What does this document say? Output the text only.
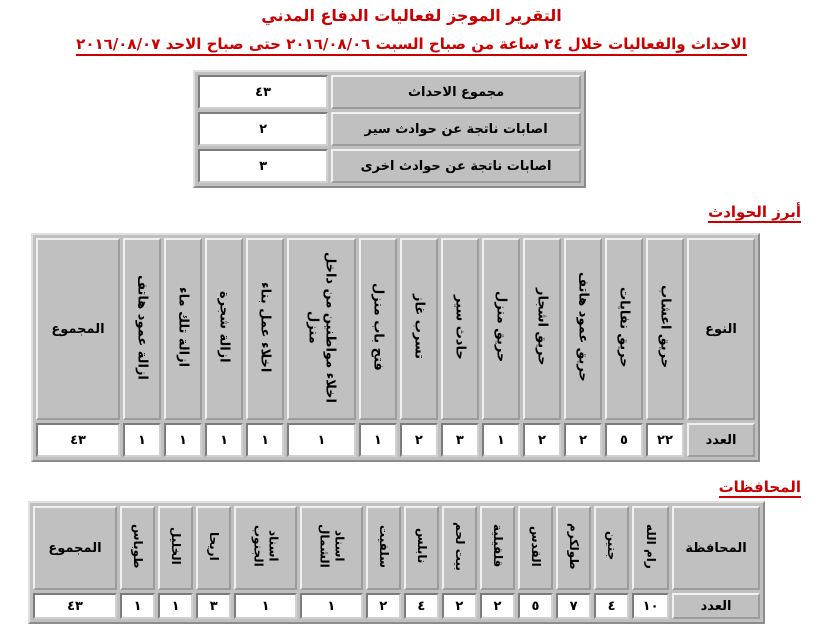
التقرير الموجز لفعاليات الدفاع المدني
الاحداث والفعاليات خلال ٢٤ ساعة من صباح السبت ٢٠١٦/٠٨/٠٦ حتى صباح الاحد ٢٠١٦/٠٨/٠٧
٤٣	مجموع الاحداث
٢	اصابات ناتجة عن حوادث سير
٣	اصابات ناتجة عن حوادث اخرى
أبرز الحوادث
المجموع	ازالة عمود هاتف	ازالة تلك ماء	ازالة شجرة	اخلاء عمل بناء	اخلاء مواطنين من داخل منزل	فتح باب منزل	تسرب غاز	حادث سير	حريق منزل	حريق اشجار	حريق عمود هاتف	حريق نفايات	حريق اعشاب	النوع
٤٣	١	١	١	١	١	١	٢	٣	١	٢	٢	٥	٢٢	العدد
المحافظات
المجموع	طوباس	الخليل	اريحا	اسناد الجنوب	اسناد الشمال	سلفيت	نابلس	بيت لحم	قلقيلية	القدس	طولكرم	جنين	رام الله	المحافظة
٤٣	١	١	٣	١	١	٢	٤	٢	٢	٥	٧	٤	١٠	العدد
